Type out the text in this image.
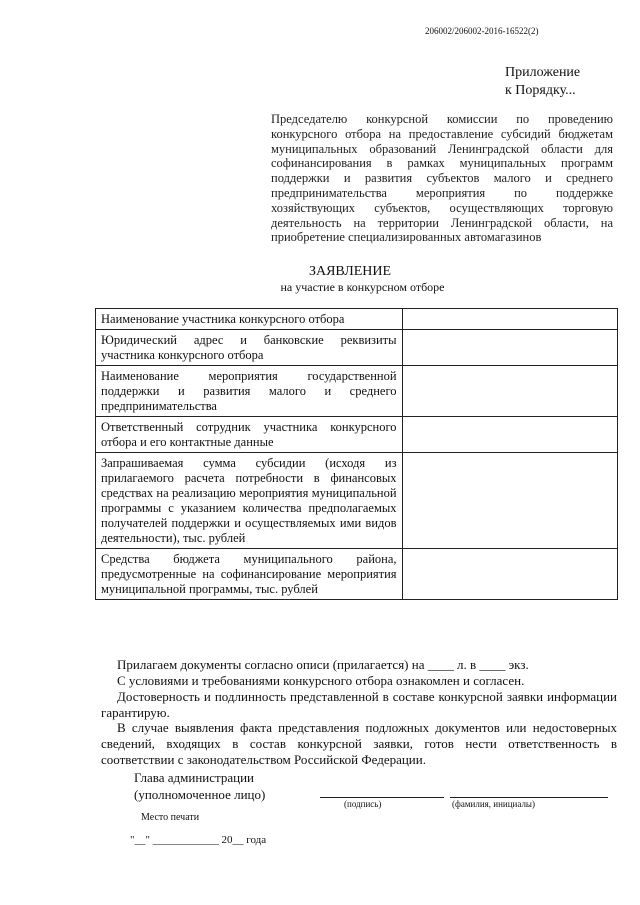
206002/206002-2016-16522(2)
Приложение
к Порядку...
Председателю конкурсной комиссии по проведению конкурсного отбора на предоставление субсидий бюджетам муниципальных образований Ленинградской области для софинансирования в рамках муниципальных программ поддержки и развития субъектов малого и среднего предпринимательства мероприятия по поддержке хозяйствующих субъектов, осуществляющих торговую деятельность на территории Ленинградской области, на приобретение специализированных автомагазинов
ЗАЯВЛЕНИЕ
на участие в конкурсном отборе
Наименование участника конкурсного отбора	
Юридический адрес и банковские реквизиты участника конкурсного отбора	
Наименование мероприятия государственной поддержки и развития малого и среднего предпринимательства	
Ответственный сотрудник участника конкурсного отбора и его контактные данные	
Запрашиваемая сумма субсидии (исходя из прилагаемого расчета потребности в финансовых средствах на реализацию мероприятия муниципальной программы с указанием количества предполагаемых получателей поддержки и осуществляемых ими видов деятельности), тыс. рублей	
Средства бюджета муниципального района, предусмотренные на софинансирование мероприятия муниципальной программы, тыс. рублей	
Прилагаем документы согласно описи (прилагается) на ____ л. в ____ экз.
С условиями и требованиями конкурсного отбора ознакомлен и согласен.
Достоверность и подлинность представленной в составе конкурсной заявки информации гарантирую.
В случае выявления факта представления подложных документов или недостоверных сведений, входящих в состав конкурсной заявки, готов нести ответственность в соответствии с законодательством Российской Федерации.
Глава администрации
(уполномоченное лицо)
(подпись)	(фамилия, инициалы)
Место печати
"__" ____________ 20__ года
